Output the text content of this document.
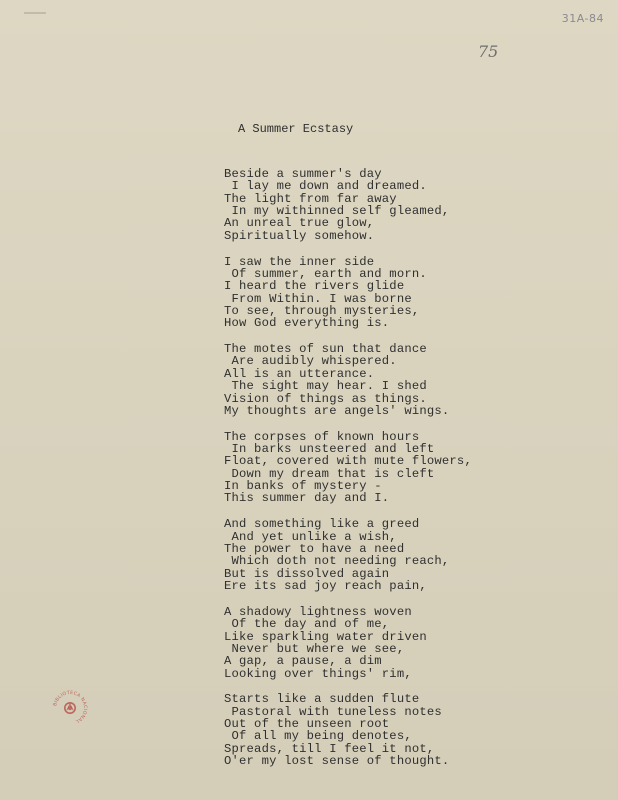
31A-84
75
A Summer Ecstasy
Beside a summer's day
I lay me down and dreamed.
The light from far away
In my withinned self gleamed,
An unreal true glow,
Spiritually somehow.
I saw the inner side
Of summer, earth and morn.
I heard the rivers glide
From Within. I was borne
To see, through mysteries,
How God everything is.
The motes of sun that dance
Are audibly whispered.
All is an utterance.
The sight may hear. I shed
Vision of things as things.
My thoughts are angels' wings.
The corpses of known hours
In barks unsteered and left
Float, covered with mute flowers,
Down my dream that is cleft
In banks of mystery -
This summer day and I.
And something like a greed
And yet unlike a wish,
The power to have a need
Which doth not needing reach,
But is dissolved again
Ere its sad joy reach pain,
A shadowy lightness woven
Of the day and of me,
Like sparkling water driven
Never but where we see,
A gap, a pause, a dim
Looking over things' rim,
Starts like a sudden flute
Pastoral with tuneless notes
Out of the unseen root
Of all my being denotes,
Spreads, till I feel it not,
O'er my lost sense of thought.
BIBLIOTECA NACIONAL
